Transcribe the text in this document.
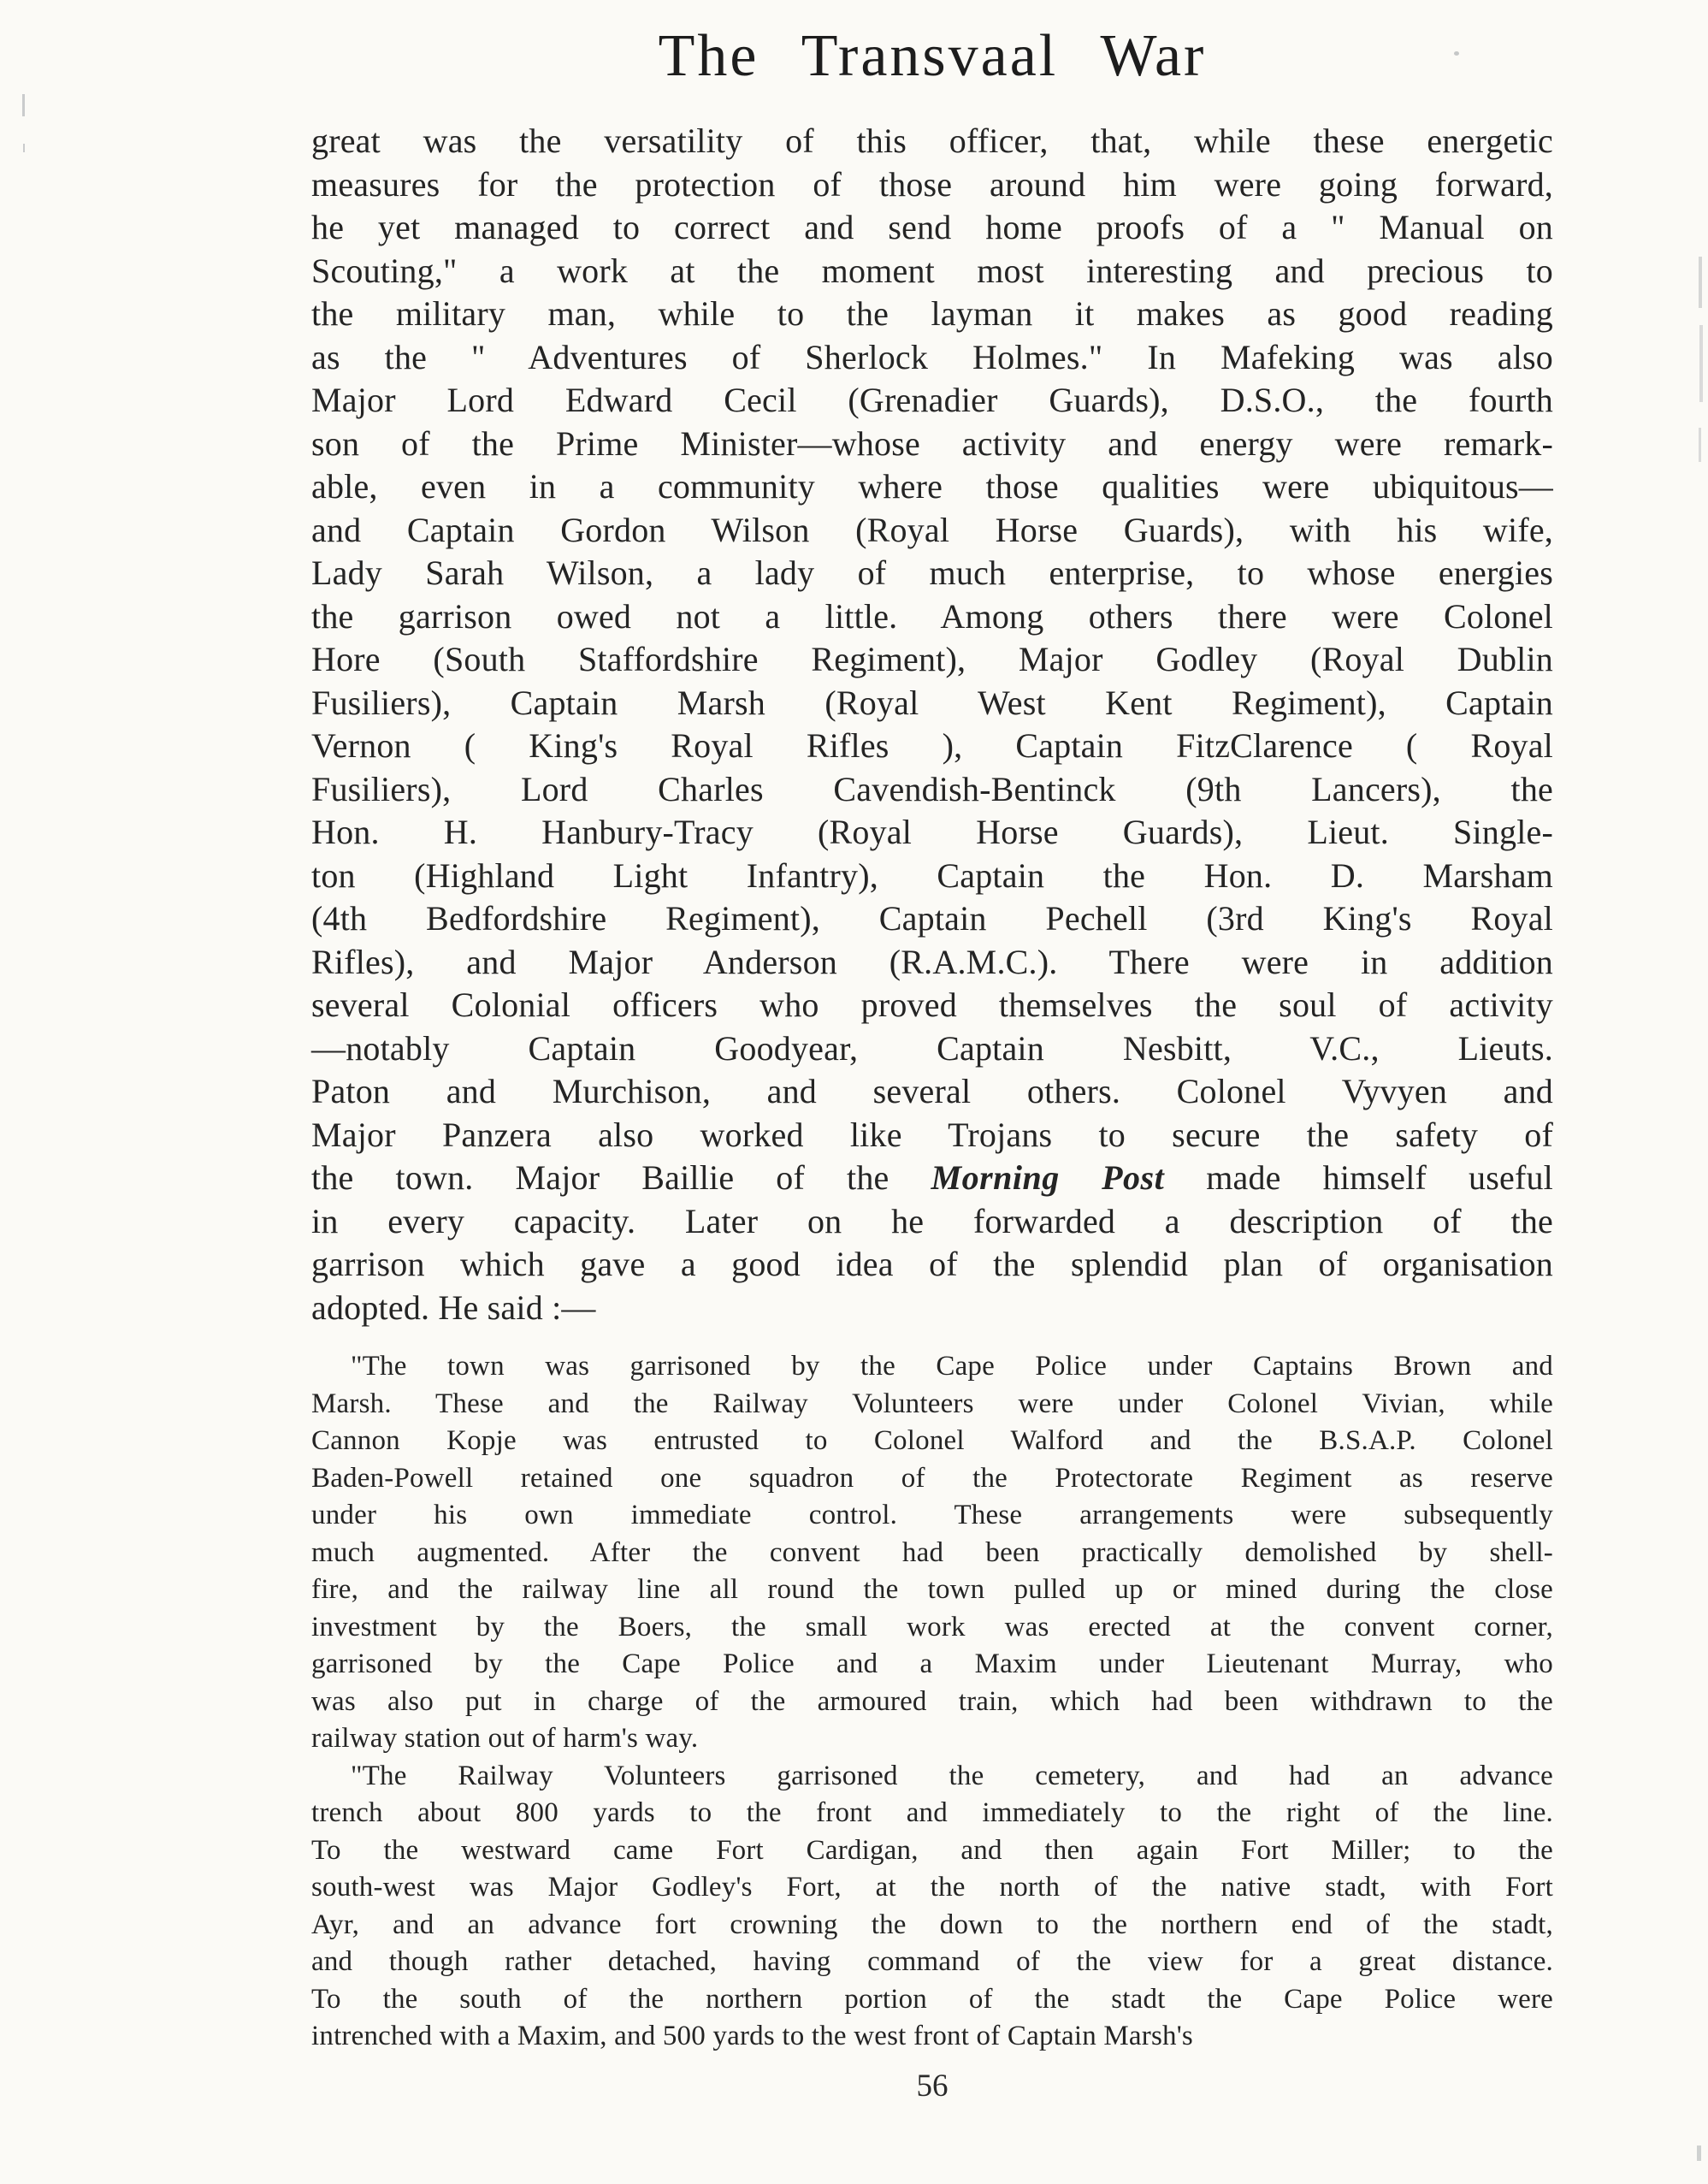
The Transvaal War
great was the versatility of this officer, that, while these energetic
measures for the protection of those around him were going forward,
he yet managed to correct and send home proofs of a " Manual on
Scouting," a work at the moment most interesting and precious to
the military man, while to the layman it makes as good reading
as the " Adventures of Sherlock Holmes." In Mafeking was also
Major Lord Edward Cecil (Grenadier Guards), D.S.O., the fourth
son of the Prime Minister—whose activity and energy were remark-
able, even in a community where those qualities were ubiquitous—
and Captain Gordon Wilson (Royal Horse Guards), with his wife,
Lady Sarah Wilson, a lady of much enterprise, to whose energies
the garrison owed not a little. Among others there were Colonel
Hore (South Staffordshire Regiment), Major Godley (Royal Dublin
Fusiliers), Captain Marsh (Royal West Kent Regiment), Captain
Vernon ( King's Royal Rifles ), Captain FitzClarence ( Royal
Fusiliers), Lord Charles Cavendish-Bentinck (9th Lancers), the
Hon. H. Hanbury-Tracy (Royal Horse Guards), Lieut. Single-
ton (Highland Light Infantry), Captain the Hon. D. Marsham
(4th Bedfordshire Regiment), Captain Pechell (3rd King's Royal
Rifles), and Major Anderson (R.A.M.C.). There were in addition
several Colonial officers who proved themselves the soul of activity
—notably Captain Goodyear, Captain Nesbitt, V.C., Lieuts.
Paton and Murchison, and several others. Colonel Vyvyen and
Major Panzera also worked like Trojans to secure the safety of
the town. Major Baillie of the Morning Post made himself useful
in every capacity. Later on he forwarded a description of the
garrison which gave a good idea of the splendid plan of organisation
adopted. He said :—
"The town was garrisoned by the Cape Police under Captains Brown and
Marsh. These and the Railway Volunteers were under Colonel Vivian, while
Cannon Kopje was entrusted to Colonel Walford and the B.S.A.P. Colonel
Baden-Powell retained one squadron of the Protectorate Regiment as reserve
under his own immediate control. These arrangements were subsequently
much augmented. After the convent had been practically demolished by shell-
fire, and the railway line all round the town pulled up or mined during the close
investment by the Boers, the small work was erected at the convent corner,
garrisoned by the Cape Police and a Maxim under Lieutenant Murray, who
was also put in charge of the armoured train, which had been withdrawn to the
railway station out of harm's way.
"The Railway Volunteers garrisoned the cemetery, and had an advance
trench about 800 yards to the front and immediately to the right of the line.
To the westward came Fort Cardigan, and then again Fort Miller; to the
south-west was Major Godley's Fort, at the north of the native stadt, with Fort
Ayr, and an advance fort crowning the down to the northern end of the stadt,
and though rather detached, having command of the view for a great distance.
To the south of the northern portion of the stadt the Cape Police were
intrenched with a Maxim, and 500 yards to the west front of Captain Marsh's
56
